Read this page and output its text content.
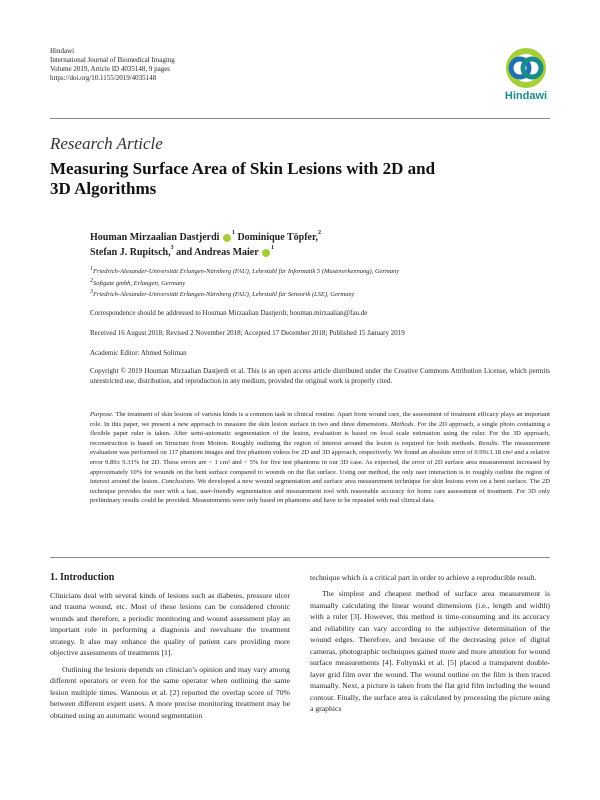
Hindawi
International Journal of Biomedical Imaging
Volume 2019, Article ID 4035148, 9 pages
https://doi.org/10.1155/2019/4035148
Hindawi
Research Article
Measuring Surface Area of Skin Lesions with 2D and 3D Algorithms
Houman Mirzaalian Dastjerdi $^1$ Dominique Töpfer,$^2$
Stefan J. Rupitsch,$^3$ and Andreas Maier $^1$
$^1$Friedrich-Alexander-Universität Erlangen-Nürnberg (FAU), Lehrstuhl für Informatik 5 (Mustererkennung), Germany
$^2$Softgate gmbh, Erlangen, Germany
$^3$Friedrich-Alexander-Universität Erlangen-Nürnberg (FAU), Lehrstuhl für Sensorik (LSE), Germany
Correspondence should be addressed to Houman Mirzaalian Dastjerdi; houman.mirzaalian@fau.de
Received 16 August 2018; Revised 2 November 2018; Accepted 17 December 2018; Published 15 January 2019
Academic Editor: Ahmed Soliman
Copyright © 2019 Houman Mirzaalian Dastjerdi et al. This is an open access article distributed under the Creative Commons Attribution License, which permits unrestricted use, distribution, and reproduction in any medium, provided the original work is properly cited.
Purpose. The treatment of skin lesions of various kinds is a common task in clinical routine. Apart from wound care, the assessment of treatment efficacy plays an important role. In this paper, we present a new approach to measure the skin lesion surface in two and three dimensions. Methods. For the 2D approach, a single photo containing a flexible paper ruler is taken. After semi-automatic segmentation of the lesion, evaluation is based on local scale estimation using the ruler. For the 3D approach, reconstruction is based on Structure from Motion. Roughly outlining the region of interest around the lesion is required for both methods. Results. The measurement evaluation was performed on 117 phantom images and five phantom videos for 2D and 3D approach, respectively. We found an absolute error of 0.99±1.18 cm² and a relative error 9.89± 9.31% for 2D. These errors are < 1 cm² and < 5% for five test phantoms in our 3D case. As expected, the error of 2D surface area measurement increased by approximately 10% for wounds on the bent surface compared to wounds on the flat surface. Using our method, the only user interaction is to roughly outline the region of interest around the lesion. Conclusions. We developed a new wound segmentation and surface area measurement technique for skin lesions even on a bent surface. The 2D technique provides the user with a fast, user-friendly segmentation and measurement tool with reasonable accuracy for home care assessment of treatment. For 3D only preliminary results could be provided. Measurements were only based on phantoms and have to be repeated with real clinical data.
1. Introduction

Clinicians deal with several kinds of lesions such as diabetes, pressure ulcer and trauma wound, etc. Most of these lesions can be considered chronic wounds and therefore, a periodic monitoring and wound assessment play an important role in performing a diagnosis and reevaluate the treatment strategy. It also may enhance the quality of patient care providing more objective assessments of treatments [1].

Outlining the lesions depends on clinician’s opinion and may vary among different operators or even for the same operator when outlining the same lesion multiple times. Wannous et al. [2] reported the overlap score of 70% between different expert users. A more precise monitoring treatment may be obtained using an automatic wound segmentation

technique which is a critical part in order to achieve a reproducible result.

The simplest and cheapest method of surface area measurement is manually calculating the linear wound dimensions (i.e., length and width) with a ruler [3]. However, this method is time-consuming and its accuracy and reliability can vary according to the subjective determination of the wound edges. Therefore, and because of the decreasing price of digital cameras, photographic techniques gained more and more attention for wound surface measurements [4]. Foltynski et al. [5] placed a transparent double-layer grid film over the wound. The wound outline on the film is then traced manually. Next, a picture is taken from the flat grid film including the wound contour. Finally, the surface area is calculated by processing the picture using a graphics
